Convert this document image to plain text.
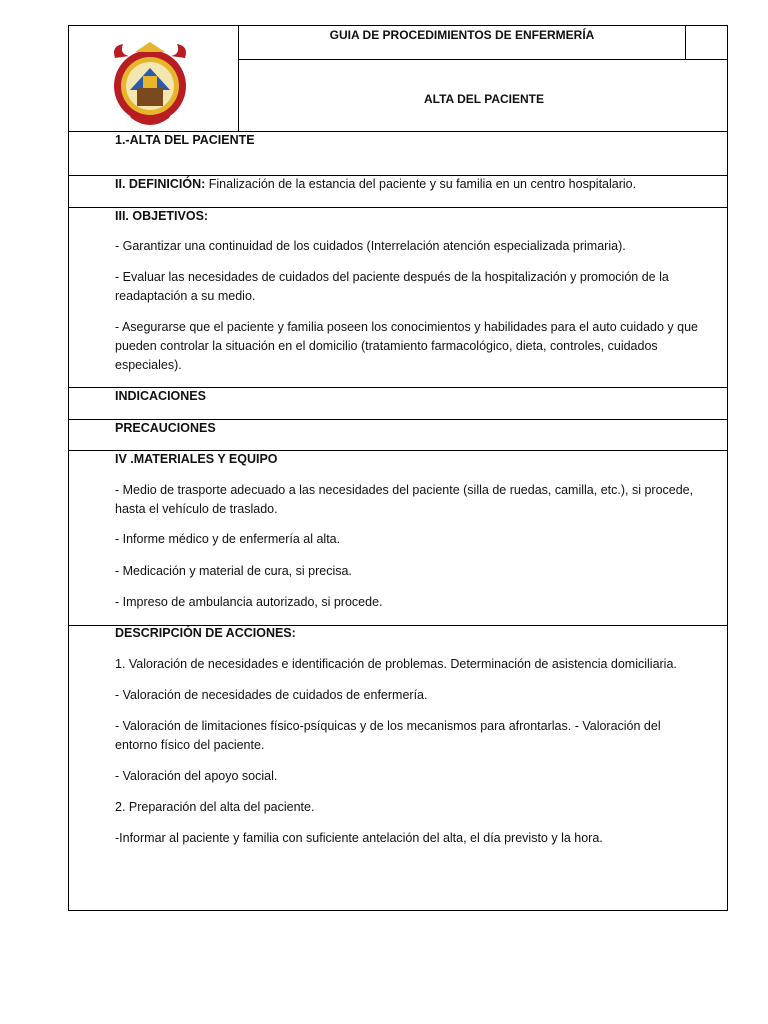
GUIA DE PROCEDIMIENTOS DE ENFERMERÍA
ALTA DEL PACIENTE
1.-ALTA DEL PACIENTE
II. DEFINICIÓN: Finalización de la estancia del paciente y su familia en un centro hospitalario.
III. OBJETIVOS:
- Garantizar una continuidad de los cuidados (Interrelación atención especializada primaria).
- Evaluar las necesidades de cuidados del paciente después de la hospitalización y promoción de la
readaptación a su medio.
- Asegurarse que el paciente y familia poseen los conocimientos y habilidades para el auto cuidado y que
pueden controlar la situación en el domicilio (tratamiento farmacológico, dieta, controles, cuidados
especiales).
INDICACIONES
PRECAUCIONES
IV .MATERIALES Y EQUIPO
- Medio de trasporte adecuado a las necesidades del paciente (silla de ruedas, camilla, etc.), si procede,
hasta el vehículo de traslado.
- Informe médico y de enfermería al alta.
- Medicación y material de cura, si precisa.
- Impreso de ambulancia autorizado, si procede.
DESCRIPCIÓN DE ACCIONES:
1. Valoración de necesidades e identificación de problemas. Determinación de asistencia domiciliaria.
- Valoración de necesidades de cuidados de enfermería.
- Valoración de limitaciones físico-psíquicas y de los mecanismos para afrontarlas. - Valoración del
entorno físico del paciente.
- Valoración del apoyo social.
2. Preparación del alta del paciente.
-Informar al paciente y familia con suficiente antelación del alta, el día previsto y la hora.
